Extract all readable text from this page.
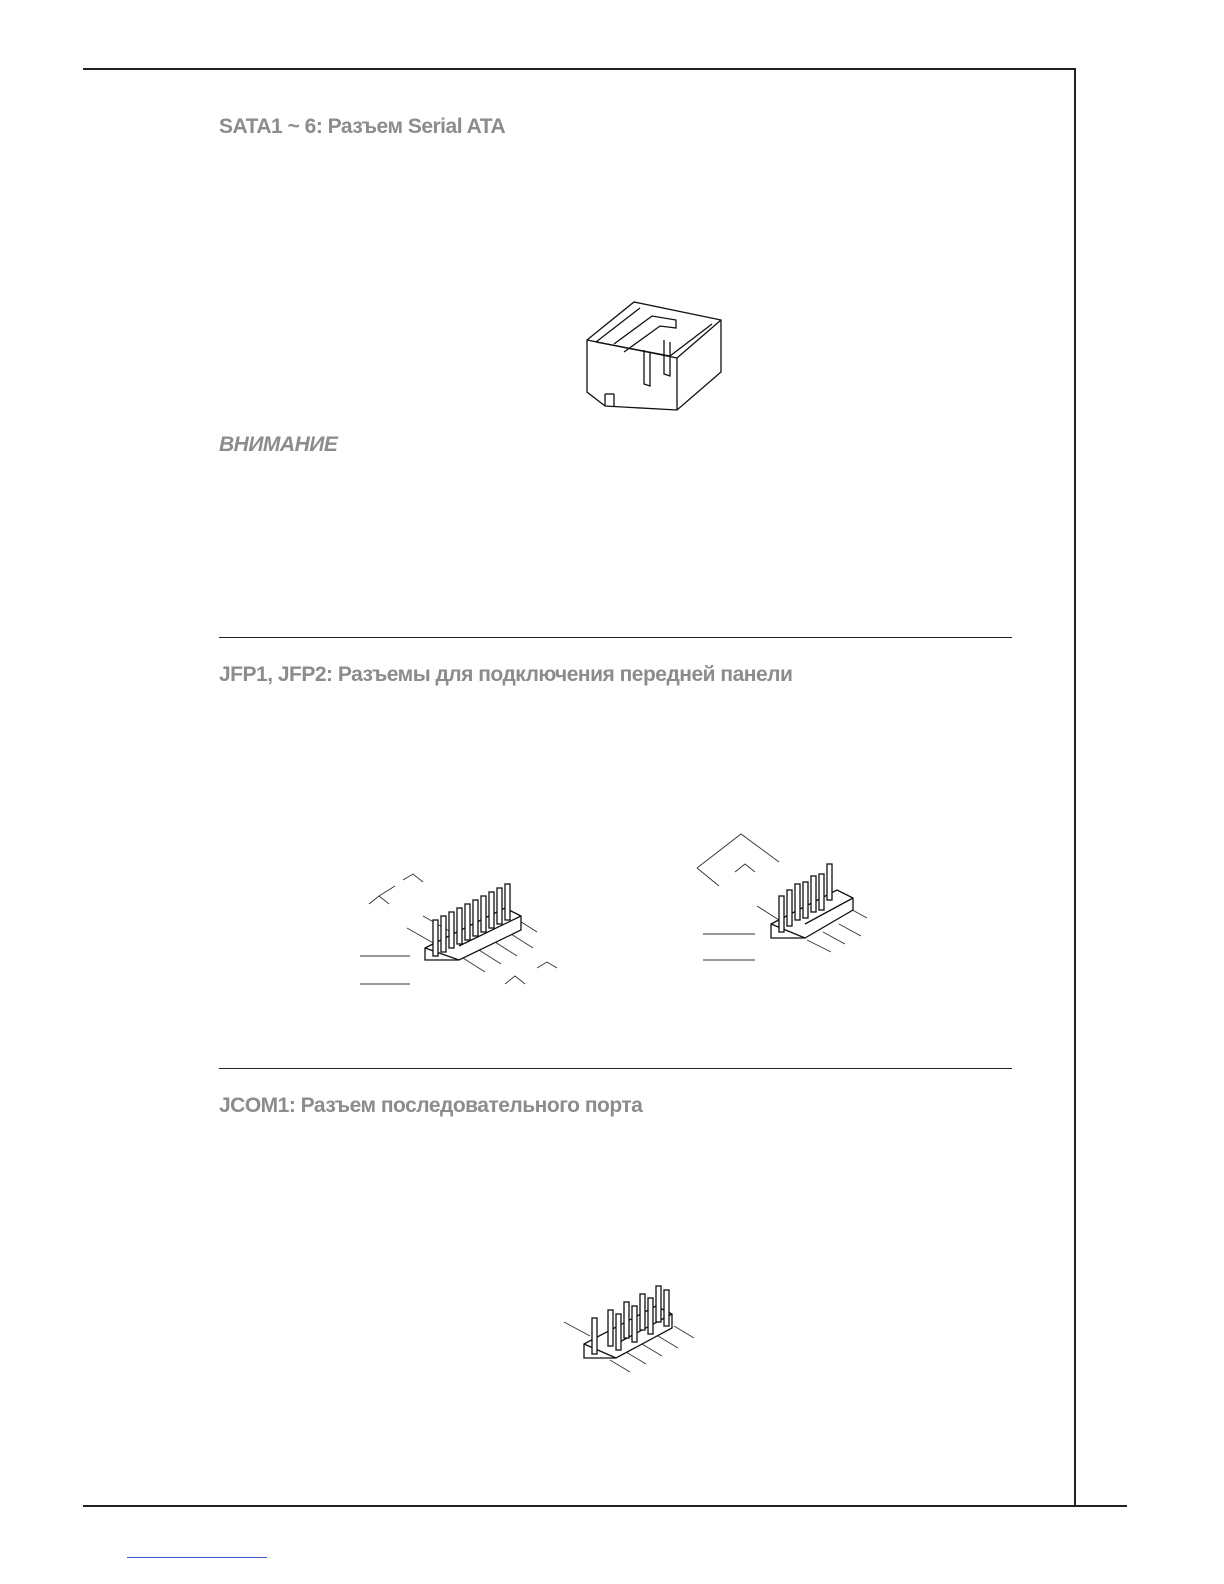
SATA1 ~ 6: Разъем Serial ATA
ВНИМАНИЕ
JFP1, JFP2: Разъемы для подключения передней панели
JCOM1: Разъем последовательного порта
